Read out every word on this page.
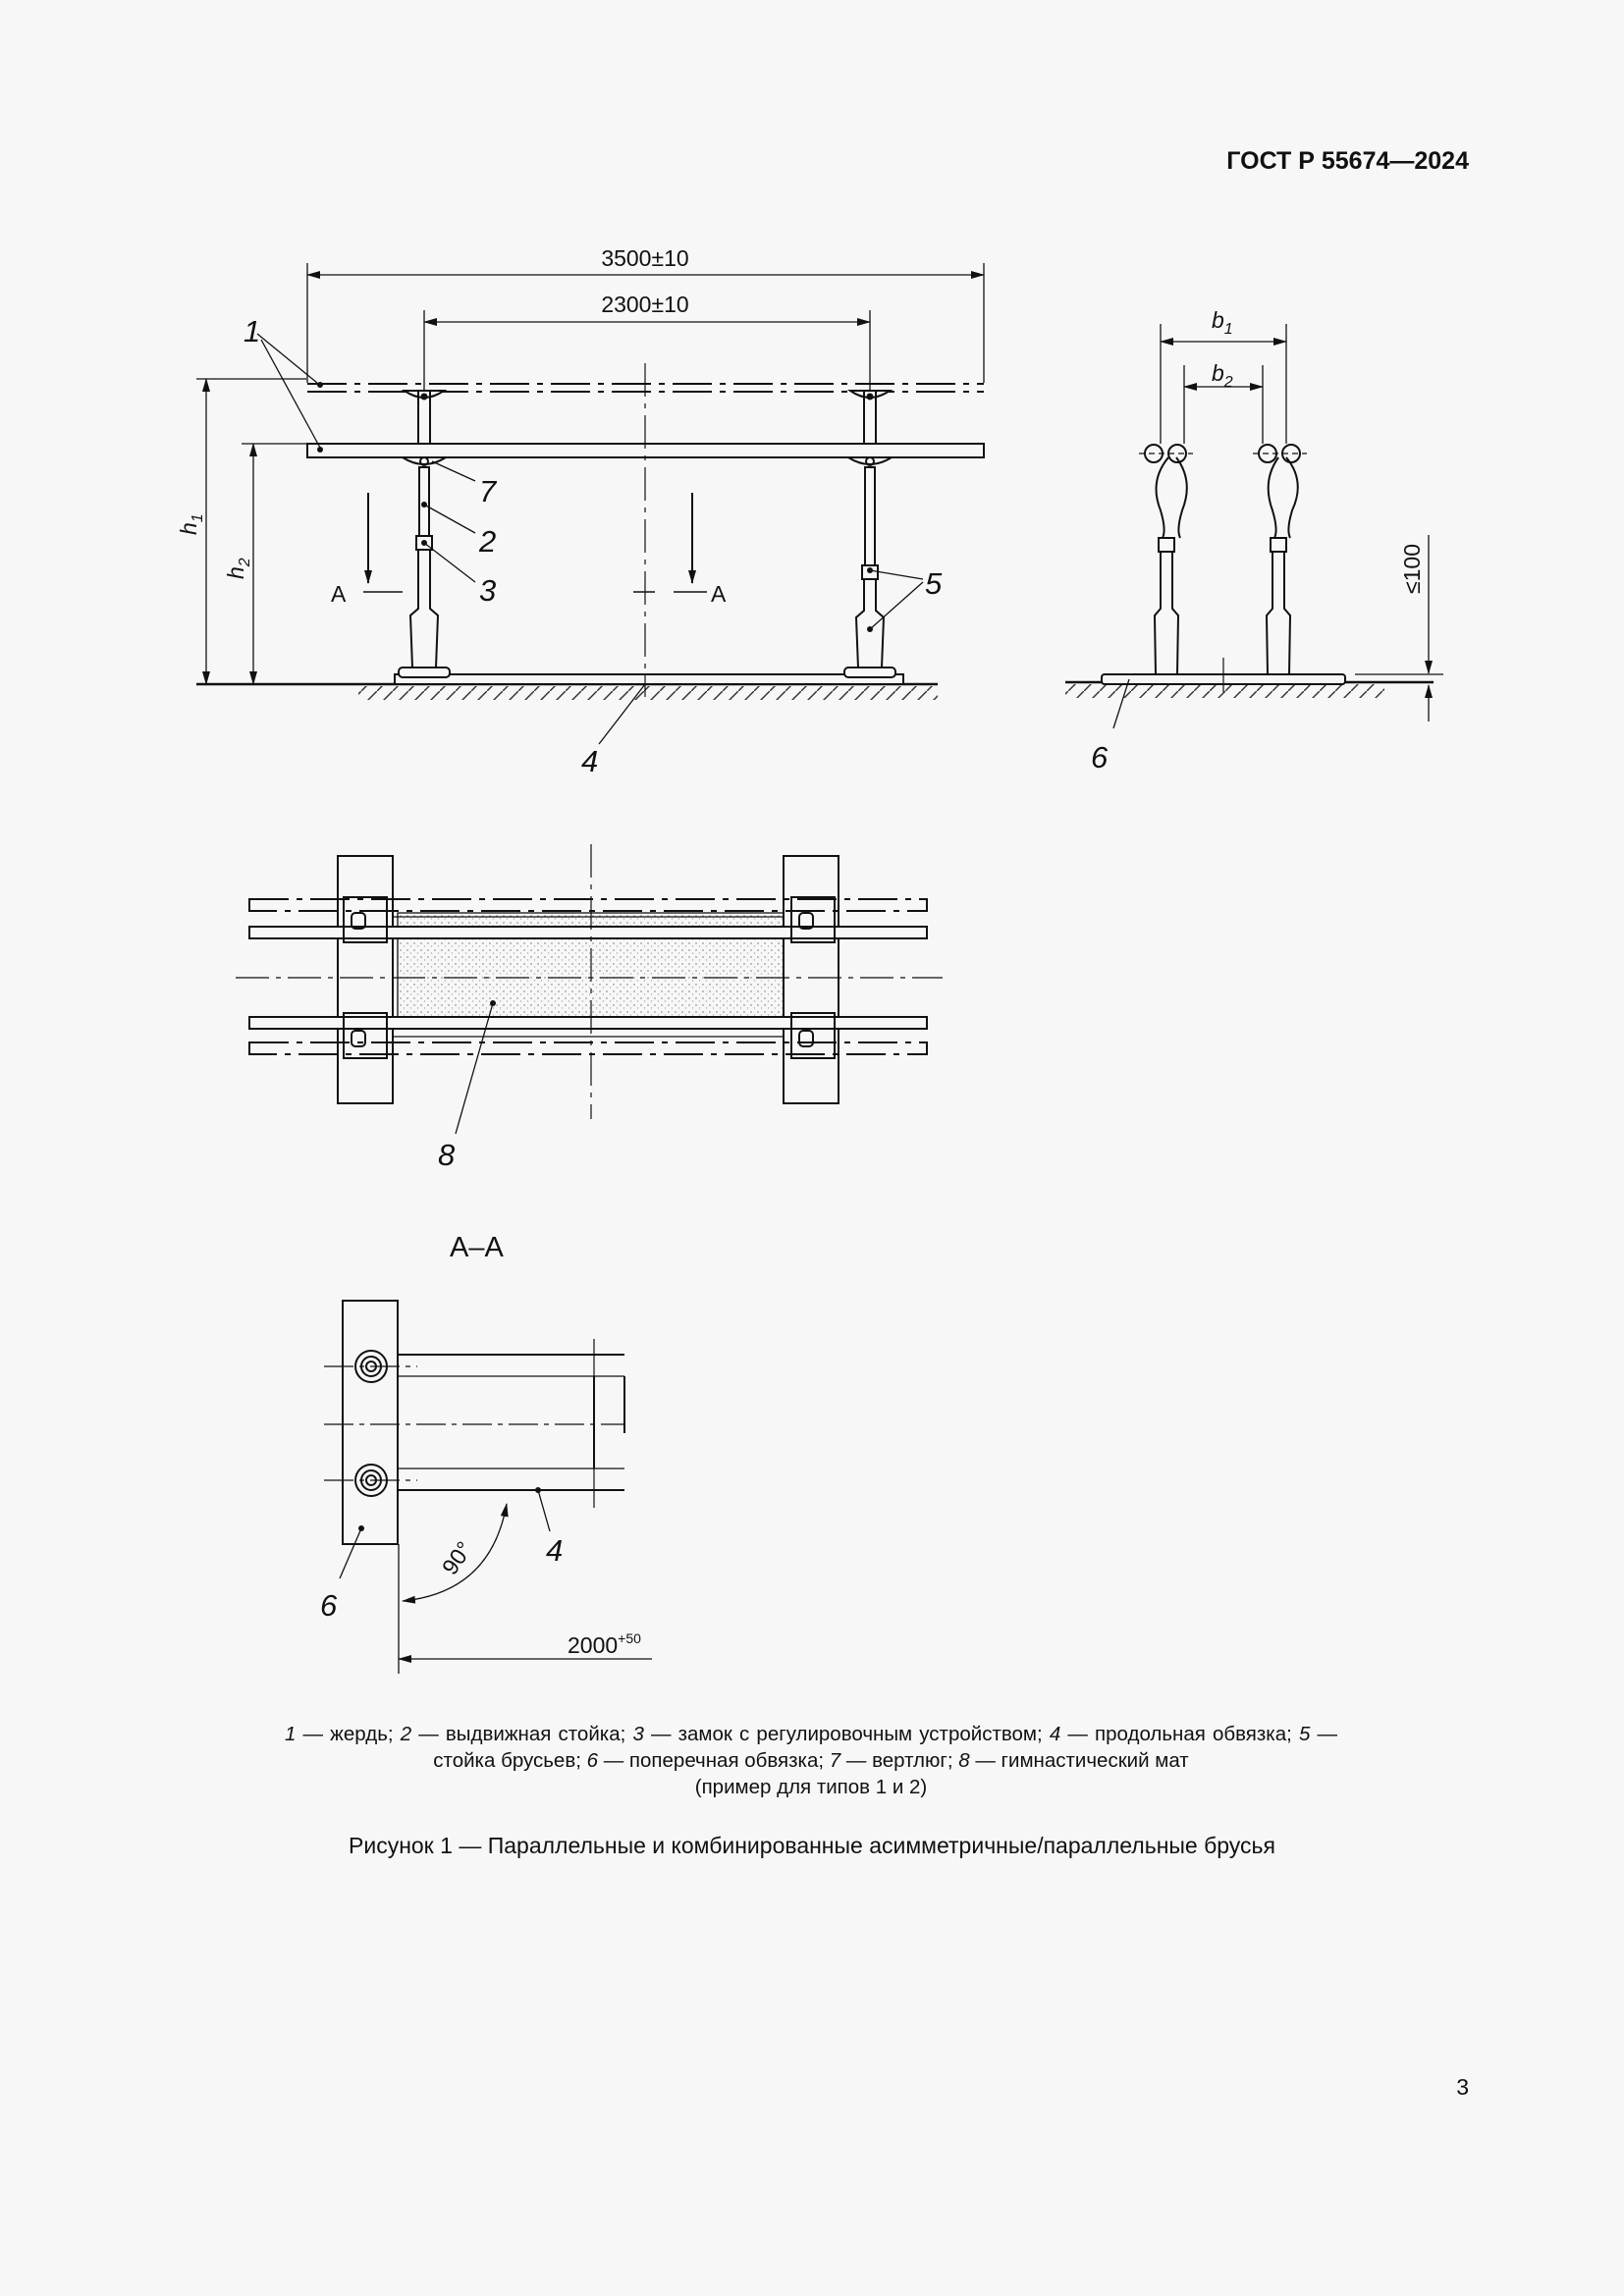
ГОСТ Р 55674—2024
A	A
3500±10
2300±10
$h_1$
$h_2$
1
7
2
3	5
4
$b_1$
$b_2$
≤100
6
8
А–А
90°
$2000^{+50}$
6
4
1 — жердь; 2 — выдвижная стойка; 3 — замок с регулировочным устройством; 4 — продольная обвязка; 5 — стойка брусьев; 6 — поперечная обвязка; 7 — вертлюг; 8 — гимнастический мат
(пример для типов 1 и 2)
Рисунок 1 — Параллельные и комбинированные асимметричные/параллельные брусья
3
